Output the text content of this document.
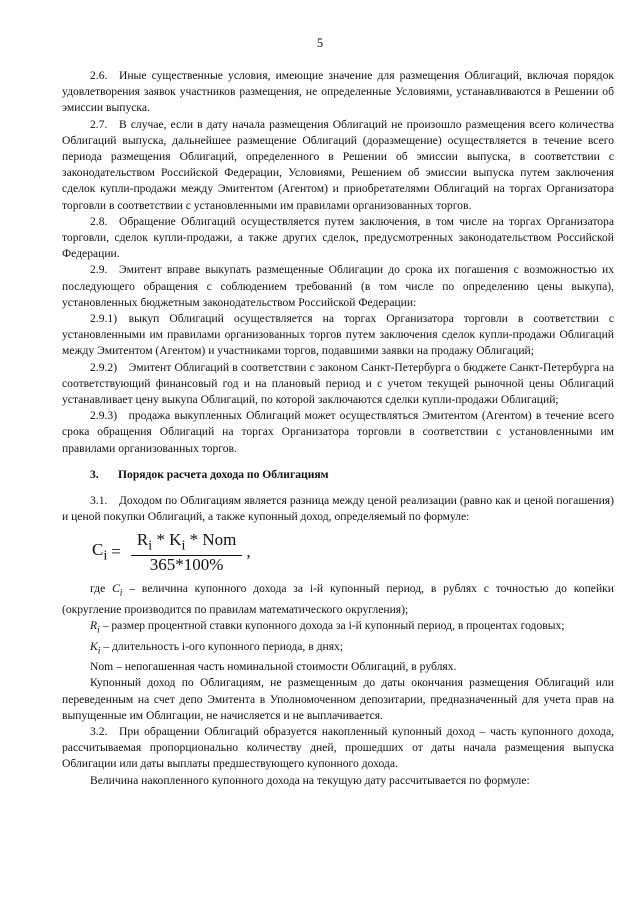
5

2.6. Иные существенные условия, имеющие значение для размещения Облигаций, включая порядок удовлетворения заявок участников размещения, не определенные Условиями, устанавливаются в Решении об эмиссии выпуска.

2.7. В случае, если в дату начала размещения Облигаций не произошло размещения всего количества Облигаций выпуска, дальнейшее размещение Облигаций (доразмещение) осуществляется в течение всего периода размещения Облигаций, определенного в Решении об эмиссии выпуска, в соответствии с законодательством Российской Федерации, Условиями, Решением об эмиссии выпуска путем заключения сделок купли-продажи между Эмитентом (Агентом) и приобретателями Облигаций на торгах Организатора торговли в соответствии с установленными им правилами организованных торгов.

2.8. Обращение Облигаций осуществляется путем заключения, в том числе на торгах Организатора торговли, сделок купли-продажи, а также других сделок, предусмотренных законодательством Российской Федерации.

2.9. Эмитент вправе выкупать размещенные Облигации до срока их погашения с возможностью их последующего обращения с соблюдением требований (в том числе по определению цены выкупа), установленных бюджетным законодательством Российской Федерации:

2.9.1) выкуп Облигаций осуществляется на торгах Организатора торговли в соответствии с установленными им правилами организованных торгов путем заключения сделок купли-продажи Облигаций между Эмитентом (Агентом) и участниками торгов, подавшими заявки на продажу Облигаций;

2.9.2) Эмитент Облигаций в соответствии с законом Санкт-Петербурга о бюджете Санкт-Петербурга на соответствующий финансовый год и на плановый период и с учетом текущей рыночной цены Облигаций устанавливает цену выкупа Облигаций, по которой заключаются сделки купли-продажи Облигаций;

2.9.3) продажа выкупленных Облигаций может осуществляться Эмитентом (Агентом) в течение всего срока обращения Облигаций на торгах Организатора торговли в соответствии с установленными им правилами организованных торгов.

3. Порядок расчета дохода по Облигациям

3.1. Доходом по Облигациям является разница между ценой реализации (равно как и ценой погашения) и ценой покупки Облигаций, а также купонный доход, определяемый по формуле:

$C_i = \frac{R_i * K_i * Nom}{365*100\%}$ ,

где $C_i$ – величина купонного дохода за i-й купонный период, в рублях с точностью до копейки (округление производится по правилам математического округления);

$R_i$ – размер процентной ставки купонного дохода за i-й купонный период, в процентах годовых;

$K_i$ – длительность i-ого купонного периода, в днях;

Nom – непогашенная часть номинальной стоимости Облигаций, в рублях.

Купонный доход по Облигациям, не размещенным до даты окончания размещения Облигаций или переведенным на счет депо Эмитента в Уполномоченном депозитарии, предназначенный для учета прав на выпущенные им Облигации, не начисляется и не выплачивается.

3.2. При обращении Облигаций образуется накопленный купонный доход – часть купонного дохода, рассчитываемая пропорционально количеству дней, прошедших от даты начала размещения выпуска Облигации или даты выплаты предшествующего купонного дохода.

Величина накопленного купонного дохода на текущую дату рассчитывается по формуле:
